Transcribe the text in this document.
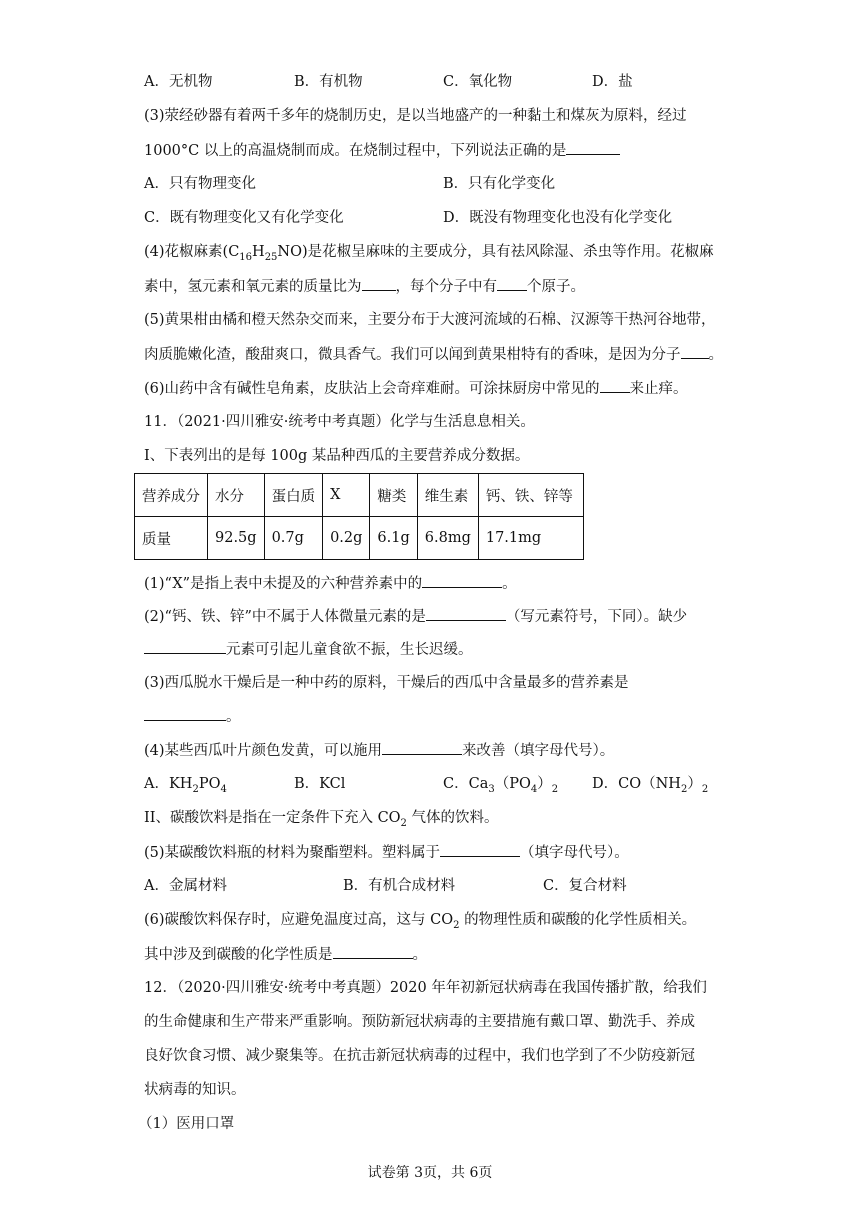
A．无机物	B．有机物	C．氧化物	D．盐
(3)荥经砂器有着两千多年的烧制历史，是以当地盛产的一种黏土和煤灰为原料，经过
1000°C 以上的高温烧制而成。在烧制过程中，下列说法正确的是
A．只有物理变化	B．只有化学变化
C．既有物理变化又有化学变化	D．既没有物理变化也没有化学变化
(4)花椒麻素$(C_{16}H_{25}NO)$是花椒呈麻味的主要成分，具有祛风除湿、杀虫等作用。花椒麻
素中，氢元素和氧元素的质量比为 ，每个分子中有 个原子。
(5)黄果柑由橘和橙天然杂交而来，主要分布于大渡河流域的石棉、汉源等干热河谷地带，
肉质脆嫩化渣，酸甜爽口，微具香气。我们可以闻到黄果柑特有的香味，是因为分子 。
(6)山药中含有碱性皂角素，皮肤沾上会奇痒难耐。可涂抹厨房中常见的 来止痒。
11．（2021·四川雅安·统考中考真题）化学与生活息息相关。
I、下表列出的是每 100g 某品种西瓜的主要营养成分数据。
营养成分	水分	蛋白质	X	糖类	维生素	钙、铁、锌等
质量	92.5g	0.7g	0.2g	6.1g	6.8mg	17.1mg
(1)“X”是指上表中未提及的六种营养素中的	。
(2)“钙、铁、锌”中不属于人体微量元素的是	（写元素符号，下同）。缺少
元素可引起儿童食欲不振，生长迟缓。
(3)西瓜脱水干燥后是一种中药的原料，干燥后的西瓜中含量最多的营养素是
。
(4)某些西瓜叶片颜色发黄，可以施用	来改善（填字母代号）。
A．$KH_2PO_4$	B．KCl	C．$Ca_3(PO_4)_2$ D．$CO(NH_2)_2$
II、碳酸饮料是指在一定条件下充入 $CO_2$ 气体的饮料。
(5)某碳酸饮料瓶的材料为聚酯塑料。塑料属于	（填字母代号）。
A．金属材料	B．有机合成材料	C．复合材料
(6)碳酸饮料保存时，应避免温度过高，这与 $CO_2$ 的物理性质和碳酸的化学性质相关。
其中涉及到碳酸的化学性质是	。
12．（2020·四川雅安·统考中考真题）2020 年年初新冠状病毒在我国传播扩散，给我们
的生命健康和生产带来严重影响。预防新冠状病毒的主要措施有戴口罩、勤洗手、养成
良好饮食习惯、减少聚集等。在抗击新冠状病毒的过程中，我们也学到了不少防疫新冠
状病毒的知识。
（1）医用口罩
试卷第 3页，共 6页
